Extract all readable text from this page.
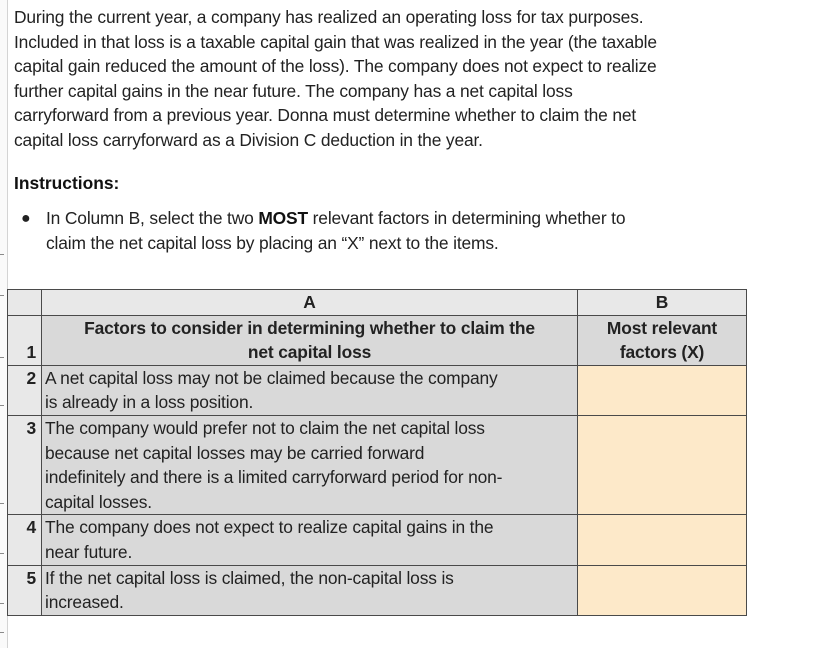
During the current year, a company has realized an operating loss for tax purposes.
Included in that loss is a taxable capital gain that was realized in the year (the taxable
capital gain reduced the amount of the loss). The company does not expect to realize
further capital gains in the near future. The company has a net capital loss
carryforward from a previous year. Donna must determine whether to claim the net
capital loss carryforward as a Division C deduction in the year.

Instructions:
● In Column B, select the two MOST relevant factors in determining whether to
claim the net capital loss by placing an “X” next to the items.
	A	B
1	Factors to consider in determining whether to claim the
net capital loss	Most relevant
factors (X)
2	A net capital loss may not be claimed because the company
is already in a loss position.	
3	The company would prefer not to claim the net capital loss
because net capital losses may be carried forward
indefinitely and there is a limited carryforward period for non-
capital losses.	
4	The company does not expect to realize capital gains in the
near future.	
5	If the net capital loss is claimed, the non-capital loss is
increased.	
